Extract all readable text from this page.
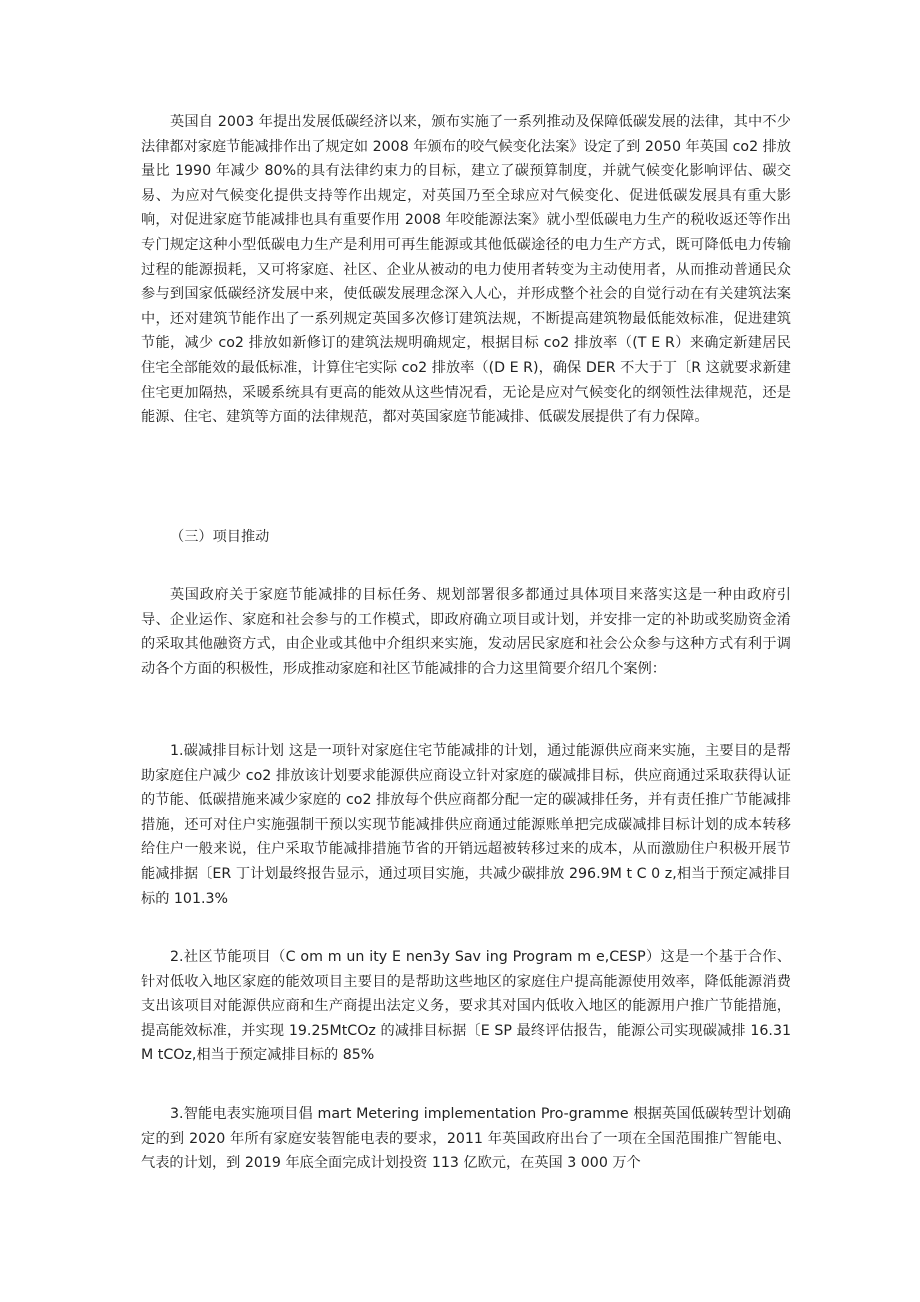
英国自 2003 年提出发展低碳经济以来，颁布实施了一系列推动及保障低碳发展的法律，其中不少法律都对家庭节能减排作出了规定如 2008 年颁布的咬气候变化法案》设定了到 2050 年英国 co2 排放量比 1990 年减少 80%的具有法律约束力的目标，建立了碳预算制度，并就气候变化影响评估、碳交易、为应对气候变化提供支持等作出规定，对英国乃至全球应对气候变化、促进低碳发展具有重大影响，对促进家庭节能减排也具有重要作用 2008 年咬能源法案》就小型低碳电力生产的税收返还等作出专门规定这种小型低碳电力生产是利用可再生能源或其他低碳途径的电力生产方式，既可降低电力传输过程的能源损耗，又可将家庭、社区、企业从被动的电力使用者转变为主动使用者，从而推动普通民众参与到国家低碳经济发展中来，使低碳发展理念深入人心，并形成整个社会的自觉行动在有关建筑法案中，还对建筑节能作出了一系列规定英国多次修订建筑法规，不断提高建筑物最低能效标准，促进建筑节能，减少 co2 排放如新修订的建筑法规明确规定，根据目标 co2 排放率（(T E R）来确定新建居民住宅全部能效的最低标准，计算住宅实际 co2 排放率（(D E R)，确保 DER 不大于丁〔R 这就要求新建住宅更加隔热，采暖系统具有更高的能效从这些情况看，无论是应对气候变化的纲领性法律规范，还是能源、住宅、建筑等方面的法律规范，都对英国家庭节能减排、低碳发展提供了有力保障。

（三）项目推动

英国政府关于家庭节能减排的目标任务、规划部署很多都通过具体项目来落实这是一种由政府引导、企业运作、家庭和社会参与的工作模式，即政府确立项目或计划，并安排一定的补助或奖励资金淆的采取其他融资方式，由企业或其他中介组织来实施，发动居民家庭和社会公众参与这种方式有利于调动各个方面的积极性，形成推动家庭和社区节能减排的合力这里简要介绍几个案例：

1.碳减排目标计划 这是一项针对家庭住宅节能减排的计划，通过能源供应商来实施，主要目的是帮助家庭住户减少 co2 排放该计划要求能源供应商设立针对家庭的碳减排目标，供应商通过采取获得认证的节能、低碳措施来减少家庭的 co2 排放每个供应商都分配一定的碳减排任务，并有责任推广节能减排措施，还可对住户实施强制干预以实现节能减排供应商通过能源账单把完成碳减排目标计划的成本转移给住户一般来说，住户采取节能减排措施节省的开销远超被转移过来的成本，从而激励住户积极开展节能减排据〔ER 丁计划最终报告显示，通过项目实施，共减少碳排放 296.9M t C 0 z,相当于预定减排目标的 101.3%

2.社区节能项目（C om m un ity E nen3y Sav ing Program m e,CESP）这是一个基于合作、针对低收入地区家庭的能效项目主要目的是帮助这些地区的家庭住户提高能源使用效率，降低能源消费支出该项目对能源供应商和生产商提出法定义务，要求其对国内低收入地区的能源用户推广节能措施，提高能效标准，并实现 19.25MtCOz 的减排目标据〔E SP 最终评估报告，能源公司实现碳减排 16.31 M tCOz,相当于预定减排目标的 85%

3.智能电表实施项目倡 mart Metering implementation Pro-gramme 根据英国低碳转型计划确定的到 2020 年所有家庭安装智能电表的要求，2011 年英国政府出台了一项在全国范围推广智能电、气表的计划，到 2019 年底全面完成计划投资 113 亿欧元，在英国 3 000 万个
